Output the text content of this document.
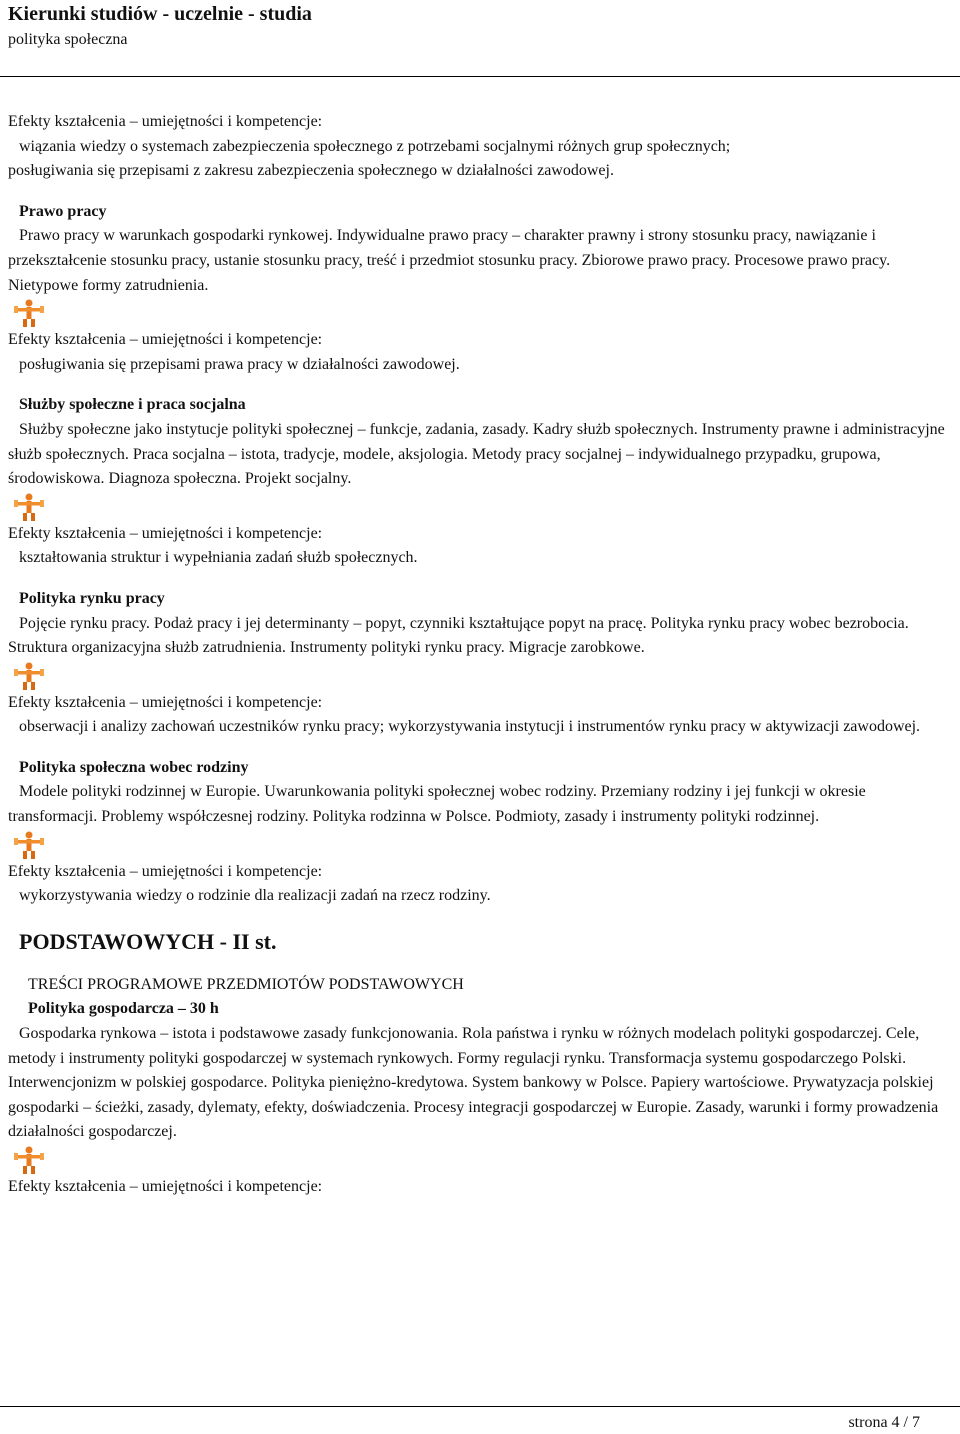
Kierunki studiów - uczelnie - studia
polityka społeczna

Efekty kształcenia – umiejętności i kompetencje:

wiązania wiedzy o systemach zabezpieczenia społecznego z potrzebami socjalnymi różnych grup społecznych;

posługiwania się przepisami z zakresu zabezpieczenia społecznego w działalności zawodowej.

Prawo pracy

Prawo pracy w warunkach gospodarki rynkowej. Indywidualne prawo pracy – charakter prawny i strony stosunku pracy, nawiązanie i przekształcenie stosunku pracy, ustanie stosunku pracy, treść i przedmiot stosunku pracy. Zbiorowe prawo pracy. Procesowe prawo pracy. Nietypowe formy zatrudnienia.

Efekty kształcenia – umiejętności i kompetencje:

posługiwania się przepisami prawa pracy w działalności zawodowej.

Służby społeczne i praca socjalna

Służby społeczne jako instytucje polityki społecznej – funkcje, zadania, zasady. Kadry służb społecznych. Instrumenty prawne i administracyjne służb społecznych. Praca socjalna – istota, tradycje, modele, aksjologia. Metody pracy socjalnej – indywidualnego przypadku, grupowa, środowiskowa. Diagnoza społeczna. Projekt socjalny.

Efekty kształcenia – umiejętności i kompetencje:

kształtowania struktur i wypełniania zadań służb społecznych.

Polityka rynku pracy

Pojęcie rynku pracy. Podaż pracy i jej determinanty – popyt, czynniki kształtujące popyt na pracę. Polityka rynku pracy wobec bezrobocia. Struktura organizacyjna służb zatrudnienia. Instrumenty polityki rynku pracy. Migracje zarobkowe.

Efekty kształcenia – umiejętności i kompetencje:

obserwacji i analizy zachowań uczestników rynku pracy; wykorzystywania instytucji i instrumentów rynku pracy w aktywizacji zawodowej.

Polityka społeczna wobec rodziny

Modele polityki rodzinnej w Europie. Uwarunkowania polityki społecznej wobec rodziny. Przemiany rodziny i jej funkcji w okresie transformacji. Problemy współczesnej rodziny. Polityka rodzinna w Polsce. Podmioty, zasady i instrumenty polityki rodzinnej.

Efekty kształcenia – umiejętności i kompetencje:

wykorzystywania wiedzy o rodzinie dla realizacji zadań na rzecz rodziny.

PODSTAWOWYCH - II st.

TREŚCI PROGRAMOWE PRZEDMIOTÓW PODSTAWOWYCH

Polityka gospodarcza – 30 h

Gospodarka rynkowa – istota i podstawowe zasady funkcjonowania. Rola państwa i rynku w różnych modelach polityki gospodarczej. Cele, metody i instrumenty polityki gospodarczej w systemach rynkowych. Formy regulacji rynku. Transformacja systemu gospodarczego Polski. Interwencjonizm w polskiej gospodarce. Polityka pieniężno-kredytowa. System bankowy w Polsce. Papiery wartościowe. Prywatyzacja polskiej gospodarki – ścieżki, zasady, dylematy, efekty, doświadczenia. Procesy integracji gospodarczej w Europie. Zasady, warunki i formy prowadzenia działalności gospodarczej.

Efekty kształcenia – umiejętności i kompetencje:

strona 4 / 7
